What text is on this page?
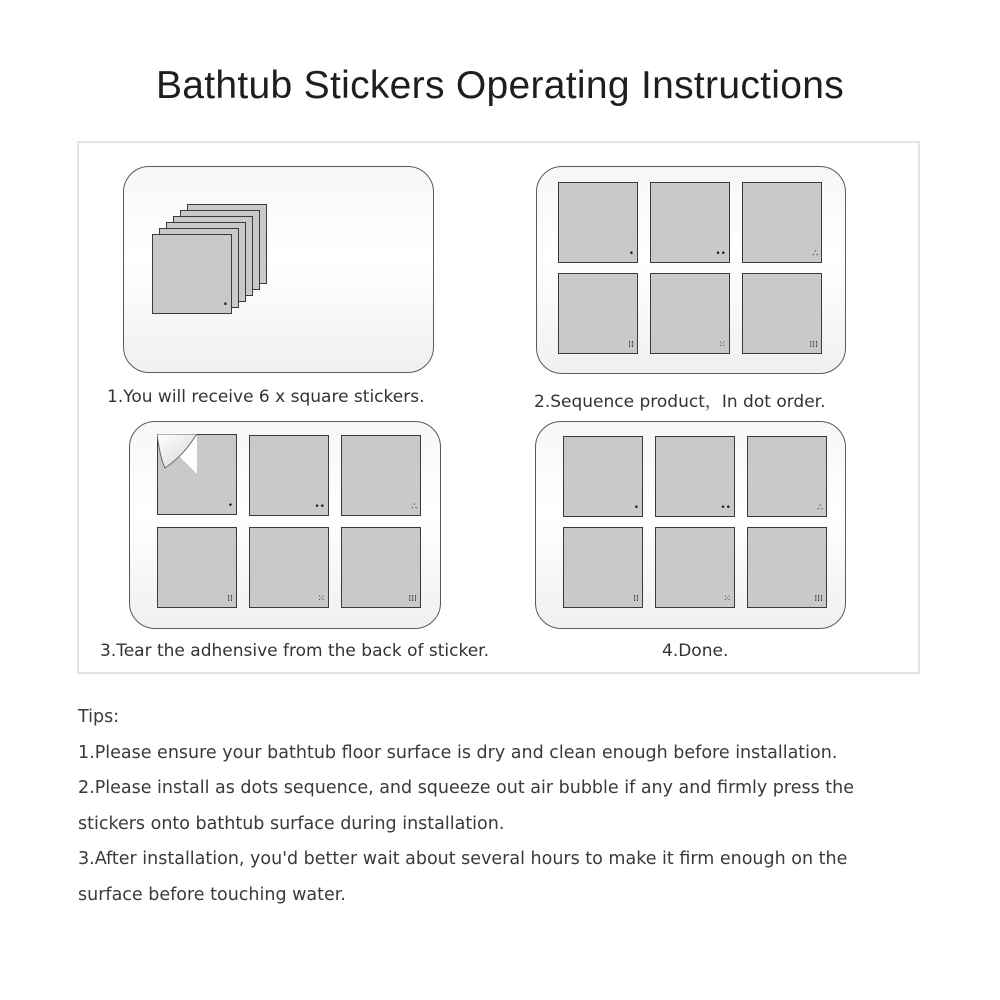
Bathtub Stickers Operating Instructions
•
1.You will receive 6 x square stickers.
•	••	∴
⁞⁞	⁙	⁞⁞⁞
2.Sequence product，In dot order.
•	••	∴
⁞⁞	⁙	⁞⁞⁞
3.Tear the adhensive from the back of sticker.
•	••	∴
⁞⁞	⁙	⁞⁞⁞
4.Done.
Tips:
1.Please ensure your bathtub floor surface is dry and clean enough before installation.
2.Please install as dots sequence, and squeeze out air bubble if any and firmly press the
stickers onto bathtub surface during installation.
3.After installation, you'd better wait about several hours to make it firm enough on the
surface before touching water.
